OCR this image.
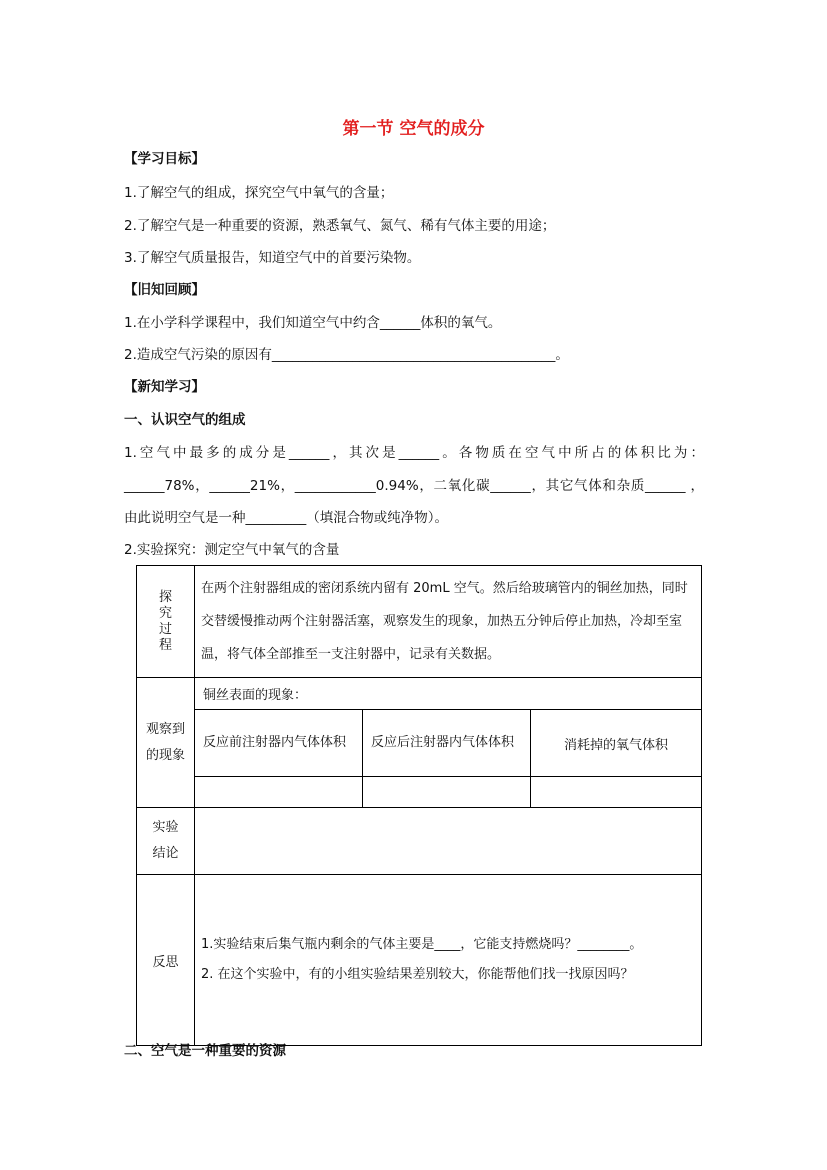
第一节 空气的成分
【学习目标】
1.了解空气的组成，探究空气中氧气的含量；
2.了解空气是一种重要的资源，熟悉氧气、氮气、稀有气体主要的用途；
3.了解空气质量报告，知道空气中的首要污染物。
【旧知回顾】
1.在小学科学课程中，我们知道空气中约含______体积的氧气。
2.造成空气污染的原因有__________________________________________。
【新知学习】
一、认识空气的组成
1.空气中最多的成分是______，其次是______。各物质在空气中所占的体积比为：
______78%，______21%，____________0.94%，二氧化碳______，其它气体和杂质______ ，
由此说明空气是一种_________（填混合物或纯净物）。
2.实验探究：测定空气中氧气的含量
探究过程	在两个注射器组成的密闭系统内留有 20mL 空气。然后给玻璃管内的铜丝加热，同时交替缓慢推动两个注射器活塞，观察发生的现象，加热五分钟后停止加热，冷却至室温，将气体全部推至一支注射器中，记录有关数据。		

观察到的现象	铜丝表面的现象：		
	反应前注射器内气体体积	反应后注射器内气体体积	消耗掉的氧气体积

实验结论			

反思	1.实验结束后集气瓶内剩余的气体主要是____，它能支持燃烧吗？________。
2. 在这个实验中，有的小组实验结果差别较大，你能帮他们找一找原因吗？		
二、空气是一种重要的资源
